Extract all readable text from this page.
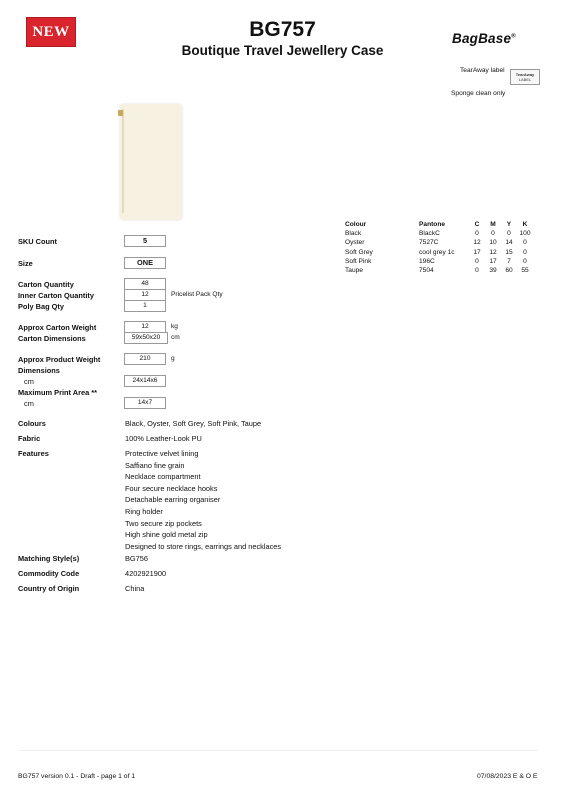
NEW	BG757
Boutique Travel Jewellery Case
BagBase®
TearAway label
TearAway
LABEL
Sponge clean only
Colour	Pantone	C	M	Y	K
Black	BlackC	0	0	0	100
Oyster	7527C	12	10	14	0
Soft Grey	cool grey 1c	17	12	15	0
Soft Pink	196C	0	17	7	0
Taupe	7504	0	39	60	55
SKU Count	5
Size	ONE
Carton Quantity	48
Inner Carton Quantity	12	Pricelist Pack Qty
Poly Bag Qty	1
Approx Carton Weight	12	kg
Carton Dimensions	59x50x20	cm
Approx Product Weight	210	g
Dimensions
cm	24x14x6
Maximum Print Area **
cm	14x7
Colours	Black, Oyster, Soft Grey, Soft Pink, Taupe
Fabric	100% Leather-Look PU
Features	Protective velvet lining
Saffiano fine grain
Necklace compartment
Four secure necklace hooks
Detachable earring organiser
Ring holder
Two secure zip pockets
High shine gold metal zip
Designed to store rings, earrings and necklaces
Matching Style(s)	BG756
Commodity Code	4202921900
Country of Origin	China
BG757 version 0.1 - Draft - page 1 of 1	07/08/2023 E & O E
